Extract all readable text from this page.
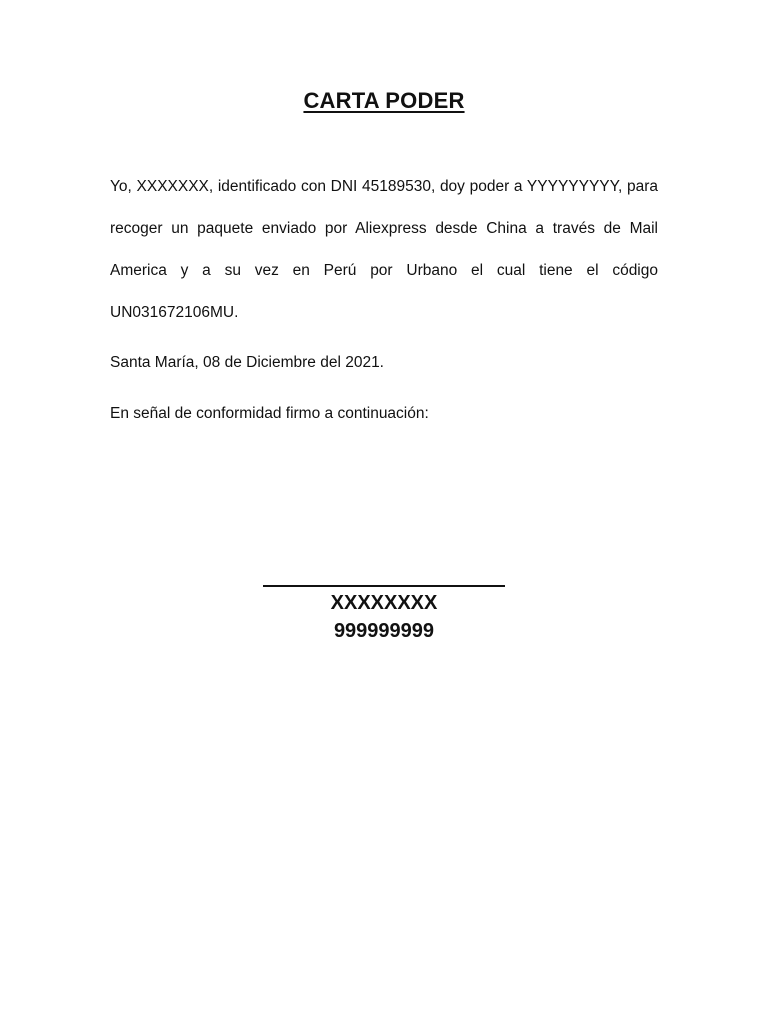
CARTA PODER
Yo, XXXXXXX, identificado con DNI 45189530, doy poder a YYYYYYYYY, para recoger un paquete enviado por Aliexpress desde China a través de Mail America y a su vez en Perú por Urbano el cual tiene el código UN031672106MU.
Santa María, 08 de Diciembre del 2021.
En señal de conformidad firmo a continuación:
XXXXXXXX
999999999
